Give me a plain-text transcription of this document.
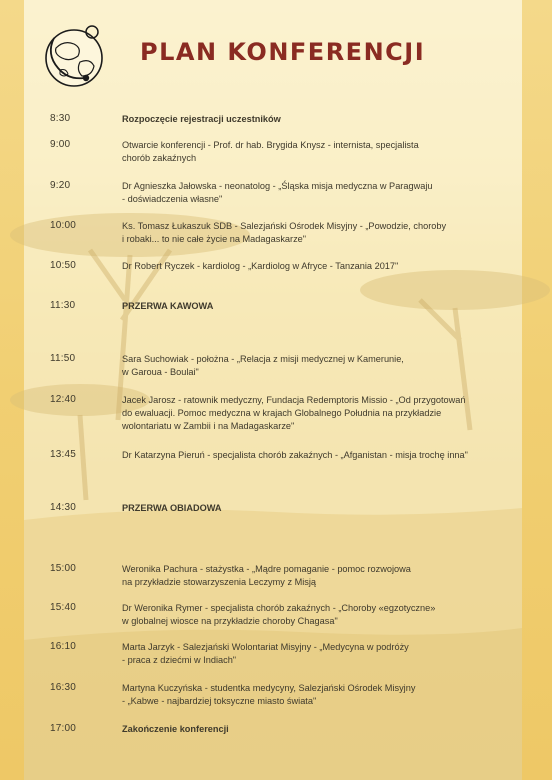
PLAN KONFERENCJI
8:30	Rozpoczęcie rejestracji uczestników
9:00	Otwarcie konferencji - Prof. dr hab. Brygida Knysz - internista, specjalista
chorób zakaźnych
9:20	Dr Agnieszka Jałowska - neonatolog - „Śląska misja medyczna w Paragwaju
- doświadczenia własne"
10:00	Ks. Tomasz Łukaszuk SDB - Salezjański Ośrodek Misyjny - „Powodzie, choroby
i robaki... to nie całe życie na Madagaskarze"
10:50	Dr Robert Ryczek - kardiolog - „Kardiolog w Afryce - Tanzania 2017"
11:30	PRZERWA KAWOWA
11:50	Sara Suchowiak - położna - „Relacja z misji medycznej w Kamerunie,
w Garoua - Boulai"
12:40	Jacek Jarosz - ratownik medyczny, Fundacja Redemptoris Missio - „Od przygotowań
do ewaluacji. Pomoc medyczna w krajach Globalnego Południa na przykładzie
wolontariatu w Zambii i na Madagaskarze"
13:45	Dr Katarzyna Pieruń - specjalista chorób zakaźnych - „Afganistan - misja trochę inna"
14:30	PRZERWA OBIADOWA
15:00	Weronika Pachura - stażystka - „Mądre pomaganie - pomoc rozwojowa
na przykładzie stowarzyszenia Leczymy z Misją
15:40	Dr Weronika Rymer - specjalista chorób zakaźnych - „Choroby «egzotyczne»
w globalnej wiosce na przykładzie choroby Chagasa"
16:10	Marta Jarzyk - Salezjański Wolontariat Misyjny - „Medycyna w podróży
- praca z dziećmi w Indiach"
16:30	Martyna Kuczyńska - studentka medycyny, Salezjański Ośrodek Misyjny
- „Kabwe - najbardziej toksyczne miasto świata"
17:00	Zakończenie konferencji
